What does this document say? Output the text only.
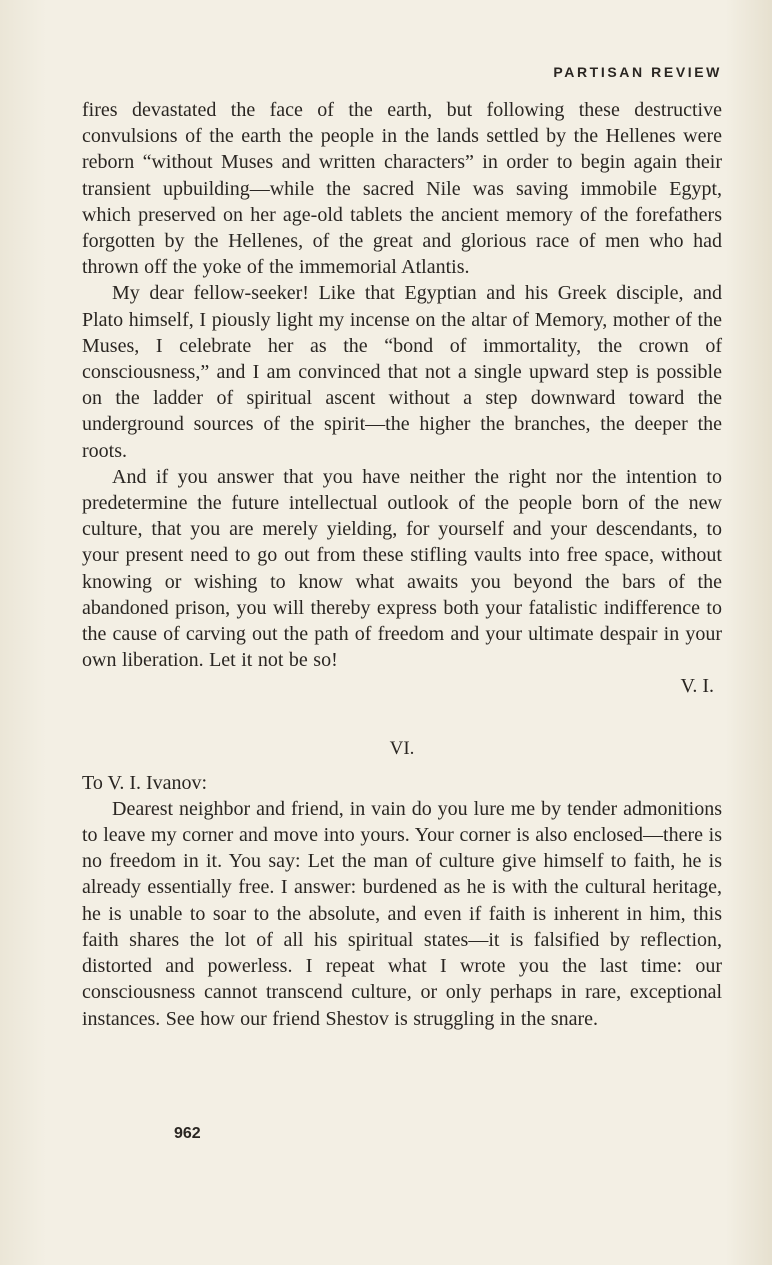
PARTISAN REVIEW

fires devastated the face of the earth, but following these destructive convulsions of the earth the people in the lands settled by the Hellenes were reborn “without Muses and written characters” in order to begin again their transient upbuilding—while the sacred Nile was saving immobile Egypt, which preserved on her age-old tablets the ancient memory of the forefathers forgotten by the Hellenes, of the great and glorious race of men who had thrown off the yoke of the immemorial Atlantis.

My dear fellow-seeker! Like that Egyptian and his Greek disciple, and Plato himself, I piously light my incense on the altar of Memory, mother of the Muses, I celebrate her as the “bond of immortality, the crown of consciousness,” and I am convinced that not a single upward step is possible on the ladder of spiritual ascent without a step downward toward the underground sources of the spirit—the higher the branches, the deeper the roots.

And if you answer that you have neither the right nor the intention to predetermine the future intellectual outlook of the people born of the new culture, that you are merely yielding, for yourself and your descendants, to your present need to go out from these stifling vaults into free space, without knowing or wishing to know what awaits you beyond the bars of the abandoned prison, you will thereby express both your fatalistic indifference to the cause of carving out the path of freedom and your ultimate despair in your own liberation. Let it not be so!

V. I.
VI.
To V. I. Ivanov:

Dearest neighbor and friend, in vain do you lure me by tender admonitions to leave my corner and move into yours. Your corner is also enclosed—there is no freedom in it. You say: Let the man of culture give himself to faith, he is already essentially free. I answer: burdened as he is with the cultural heritage, he is unable to soar to the absolute, and even if faith is inherent in him, this faith shares the lot of all his spiritual states—it is falsified by reflection, distorted and powerless. I repeat what I wrote you the last time: our consciousness cannot transcend culture, or only perhaps in rare, exceptional instances. See how our friend Shestov is struggling in the snare.

962
